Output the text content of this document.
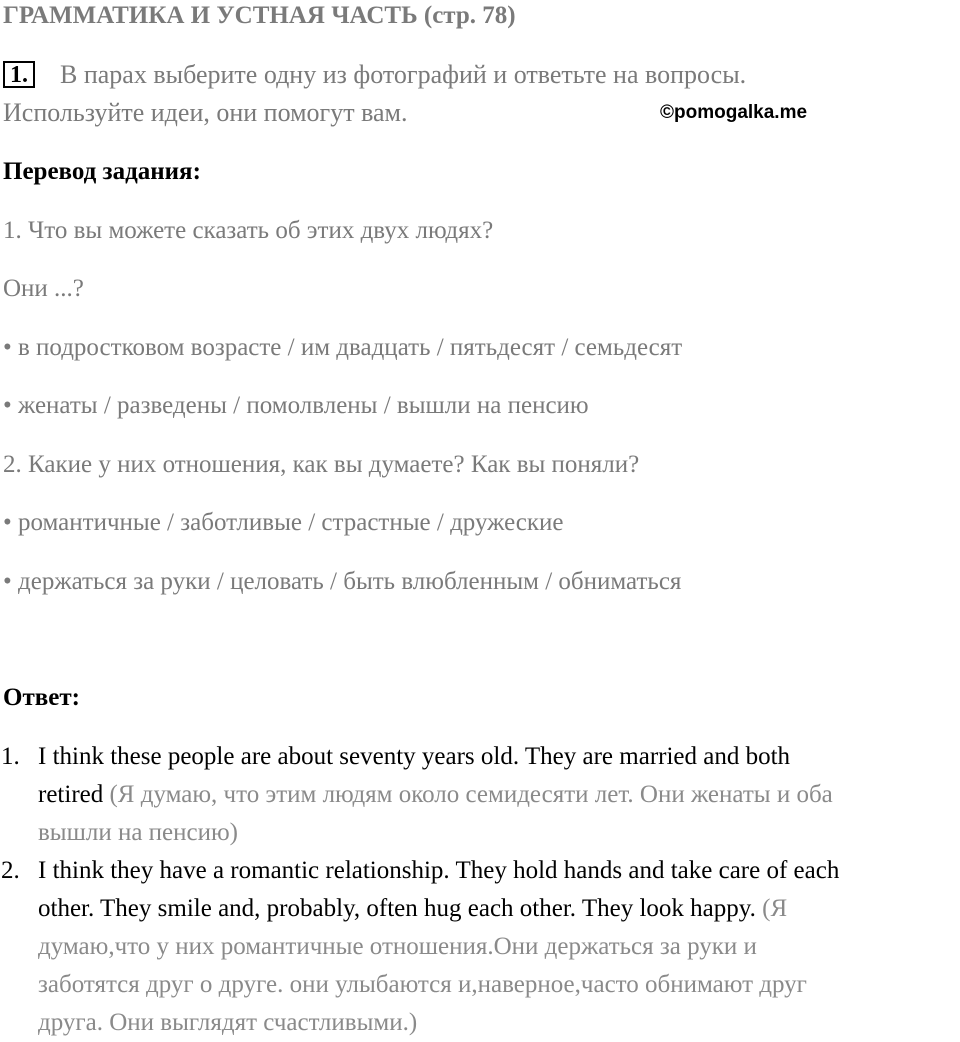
ГРАММАТИКА И УСТНАЯ ЧАСТЬ (стр. 78)
1. В парах выберите одну из фотографий и ответьте на вопросы.
Используйте идеи, они помогут вам.	©pomogalka.me
Перевод задания:
1. Что вы можете сказать об этих двух людях?
Они ...?
• в подростковом возрасте / им двадцать / пятьдесят / семьдесят
• женаты / разведены / помолвлены / вышли на пенсию
2. Какие у них отношения, как вы думаете? Как вы поняли?
• романтичные / заботливые / страстные / дружеские
• держаться за руки / целовать / быть влюбленным / обниматься
Ответ:
1. I think these people are about seventy years old. They are married and both
retired (Я думаю, что этим людям около семидесяти лет. Они женаты и оба
вышли на пенсию)
2. I think they have a romantic relationship. They hold hands and take care of each
other. They smile and, probably, often hug each other. They look happy. (Я
думаю,что у них романтичные отношения.Они держаться за руки и
заботятся друг о друге. они улыбаются и,наверное,часто обнимают друг
друга. Они выглядят счастливыми.)
